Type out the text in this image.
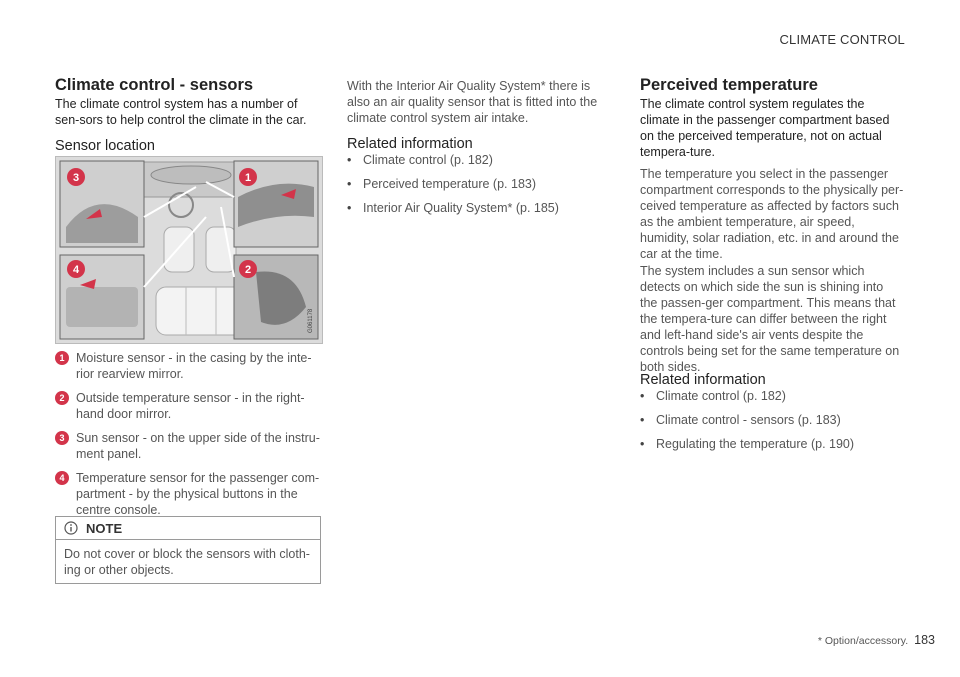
CLIMATE CONTROL
Climate control - sensors

The climate control system has a number of sen-sors to help control the climate in the car.

Sensor location
3	1
4	2
G061178
1 Moisture sensor - in the casing by the inte-rior rearview mirror.
2 Outside temperature sensor - in the right-hand door mirror.
3 Sun sensor - on the upper side of the instru-ment panel.
4 Temperature sensor for the passenger com-partment - by the physical buttons in the centre console.
NOTE
Do not cover or block the sensors with cloth-ing or other objects.

With the Interior Air Quality System* there is also an air quality sensor that is fitted into the climate control system air intake.

Related information
• Climate control (p. 182)
• Perceived temperature (p. 183)
• Interior Air Quality System* (p. 185)
Perceived temperature

The climate control system regulates the climate in the passenger compartment based on the perceived temperature, not on actual tempera-ture.

The temperature you select in the passenger compartment corresponds to the physically per-ceived temperature as affected by factors such as the ambient temperature, air speed, humidity, solar radiation, etc. in and around the car at the time.

The system includes a sun sensor which detects on which side the sun is shining into the passen-ger compartment. This means that the tempera-ture can differ between the right and left-hand side's air vents despite the controls being set for the same temperature on both sides.

Related information
• Climate control (p. 182)
• Climate control - sensors (p. 183)
• Regulating the temperature (p. 190)
* Option/accessory. 183
